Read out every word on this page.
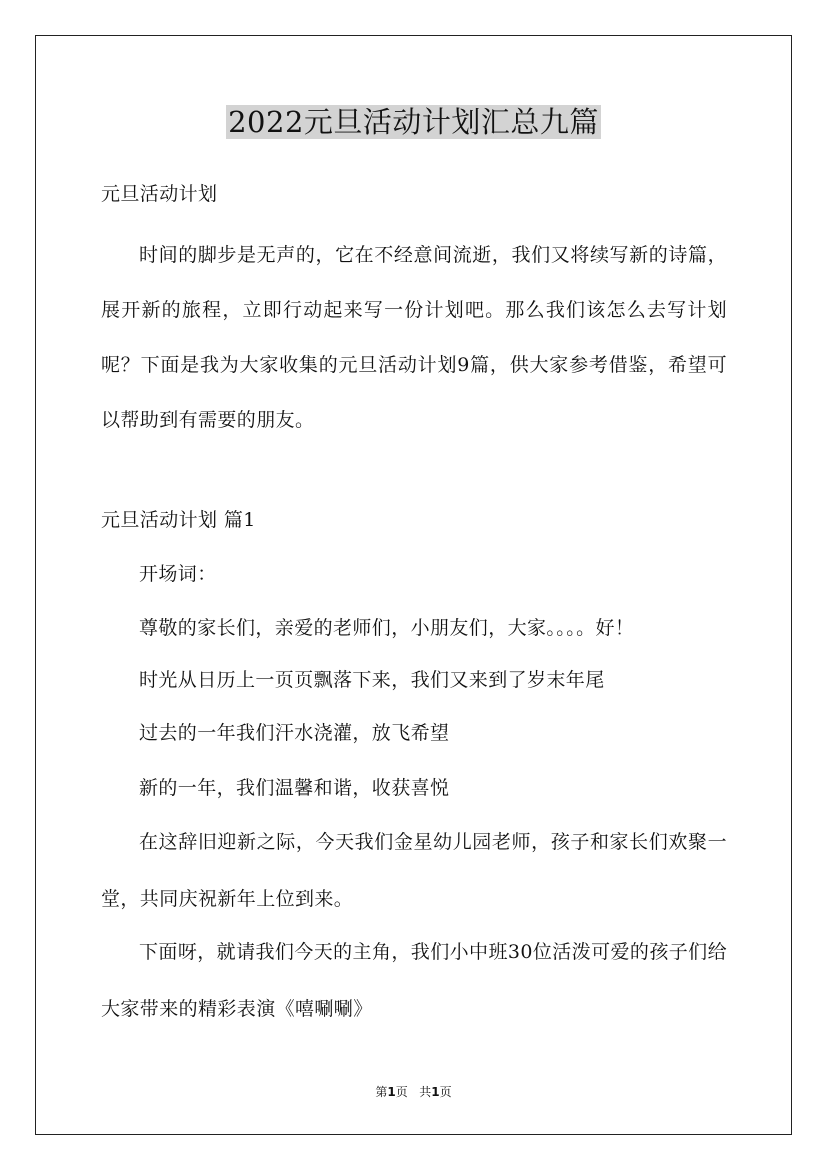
2022元旦活动计划汇总九篇
元旦活动计划

时间的脚步是无声的，它在不经意间流逝，我们又将续写新的诗篇，展开新的旅程，立即行动起来写一份计划吧。那么我们该怎么去写计划呢？下面是我为大家收集的元旦活动计划9篇，供大家参考借鉴，希望可以帮助到有需要的朋友。

元旦活动计划 篇1

开场词：

尊敬的家长们，亲爱的老师们，小朋友们，大家。。。。好！

时光从日历上一页页飘落下来，我们又来到了岁末年尾

过去的一年我们汗水浇灌，放飞希望

新的一年，我们温馨和谐，收获喜悦

在这辞旧迎新之际，今天我们金星幼儿园老师，孩子和家长们欢聚一堂，共同庆祝新年上位到来。

下面呀，就请我们今天的主角，我们小中班30位活泼可爱的孩子们给大家带来的精彩表演《嘻唰唰》

第1页 共1页
